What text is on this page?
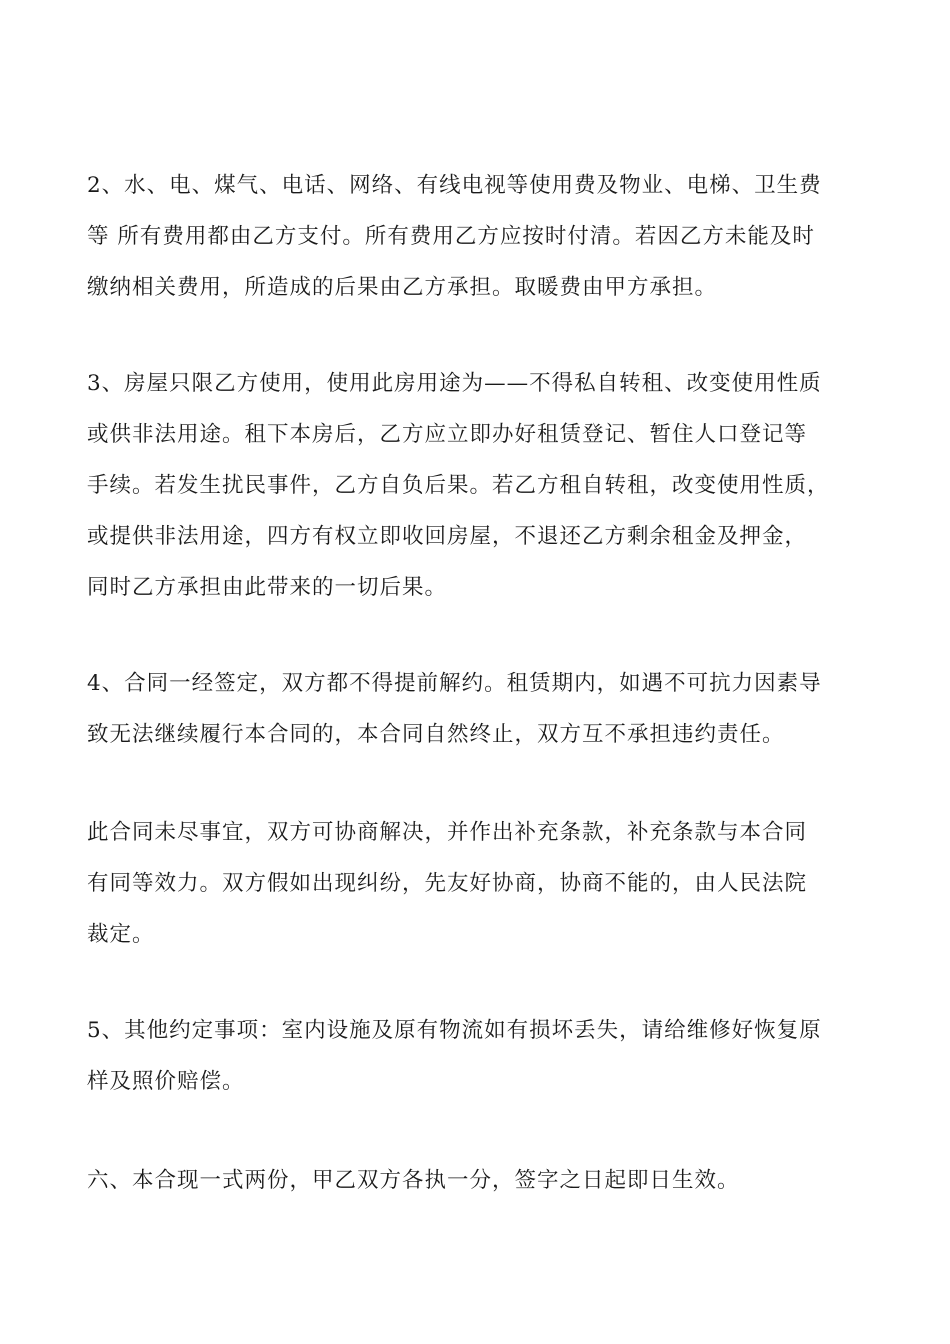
2、水、电、煤气、电话、网络、有线电视等使用费及物业、电梯、卫生费
等 所有费用都由乙方支付。所有费用乙方应按时付清。若因乙方未能及时
缴纳相关费用，所造成的后果由乙方承担。取暖费由甲方承担。
3、房屋只限乙方使用，使用此房用途为——不得私自转租、改变使用性质
或供非法用途。租下本房后，乙方应立即办好租赁登记、暂住人口登记等
手续。若发生扰民事件，乙方自负后果。若乙方租自转租，改变使用性质，
或提供非法用途，四方有权立即收回房屋，不退还乙方剩余租金及押金，
同时乙方承担由此带来的一切后果。
4、合同一经签定，双方都不得提前解约。租赁期内，如遇不可抗力因素导
致无法继续履行本合同的，本合同自然终止，双方互不承担违约责任。
此合同未尽事宜，双方可协商解决，并作出补充条款，补充条款与本合同
有同等效力。双方假如出现纠纷，先友好协商，协商不能的，由人民法院
裁定。
5、其他约定事项：室内设施及原有物流如有损坏丢失，请给维修好恢复原
样及照价赔偿。
六、本合现一式两份，甲乙双方各执一分，签字之日起即日生效。
